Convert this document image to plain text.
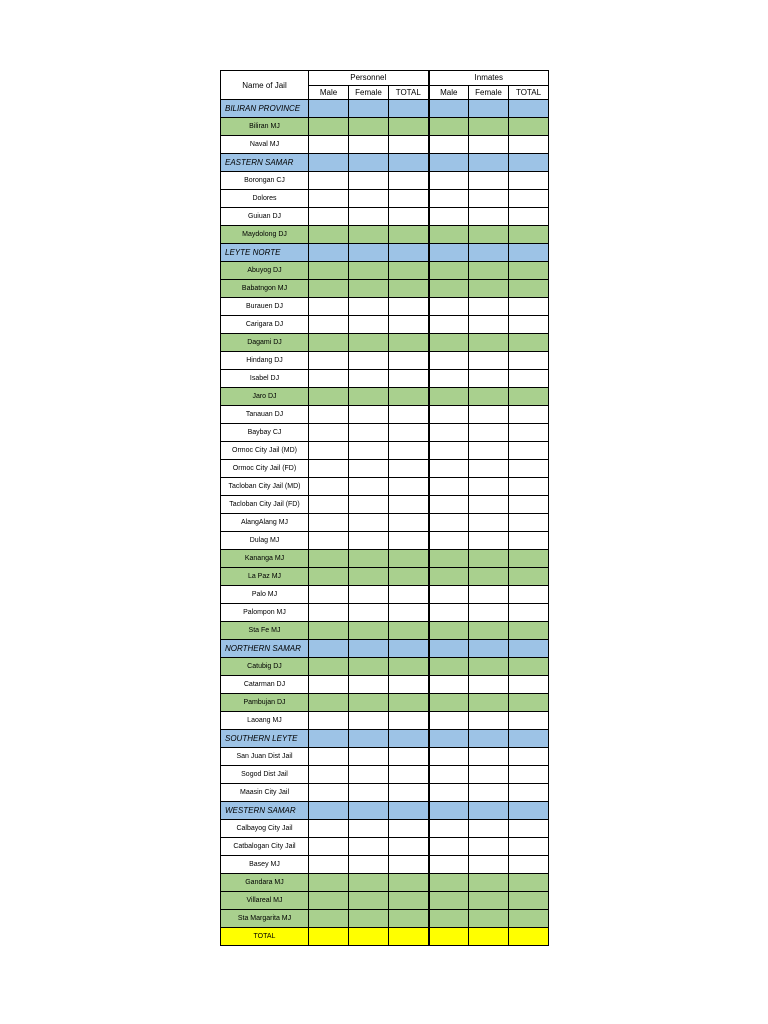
Name of Jail	Personnel			Inmates		
	Male	Female	TOTAL	Male	Female	TOTAL
BILIRAN PROVINCE						
Biliran MJ						
Naval MJ						
EASTERN SAMAR						
Borongan CJ						
Dolores						
Guiuan DJ						
Maydolong DJ						
LEYTE NORTE						
Abuyog DJ						
Babatngon MJ						
Burauen DJ						
Carigara DJ						
Dagami DJ						
Hindang DJ						
Isabel DJ						
Jaro DJ						
Tanauan DJ						
Baybay CJ						
Ormoc City Jail (MD)						
Ormoc City Jail (FD)						
Tacloban City Jail (MD)						
Tacloban City Jail (FD)						
AlangAlang MJ						
Dulag MJ						
Kananga MJ						
La Paz MJ						
Palo MJ						
Palompon MJ						
Sta Fe MJ						
NORTHERN SAMAR						
Catubig DJ						
Catarman DJ						
Pambujan DJ						
Laoang MJ						
SOUTHERN LEYTE						
San Juan Dist Jail						
Sogod Dist Jail						
Maasin City Jail						
WESTERN SAMAR						
Calbayog City Jail						
Catbalogan City Jail						
Basey MJ						
Gandara MJ						
Villareal MJ						
Sta Margarita MJ						
TOTAL						
